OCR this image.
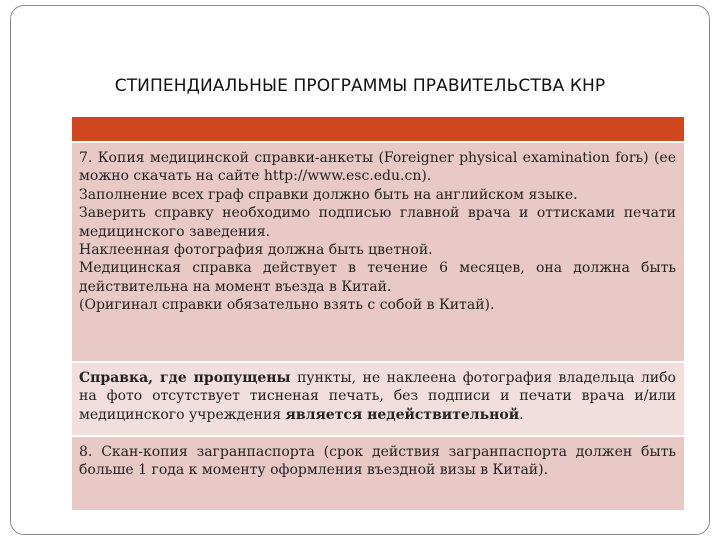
СТИПЕНДИАЛЬНЫЕ ПРОГРАММЫ ПРАВИТЕЛЬСТВА КНР

7. Копия медицинской справки-анкеты (Foreigner physical examination fоrь) (ее можно скачать на сайте http://www.esc.edu.cn).

Заполнение всех граф справки должно быть на английском языке.

Заверить справку необходимо подписью главной врача и оттисками печати медицинского заведения.

Наклеенная фотография должна быть цветной.

Медицинская справка действует в течение 6 месяцев, она должна быть действительна на момент въезда в Китай.

(Оригинал справки обязательно взять с собой в Китай).

Справка, где пропущены пункты, не наклеена фотография владельца либо на фото отсутствует тисненая печать, без подписи и печати врача и/или медицинского учреждения является недействительной.

8. Скан-копия загранпаспорта (срок действия загранпаспорта должен быть больше 1 года к моменту оформления въездной визы в Китай).
